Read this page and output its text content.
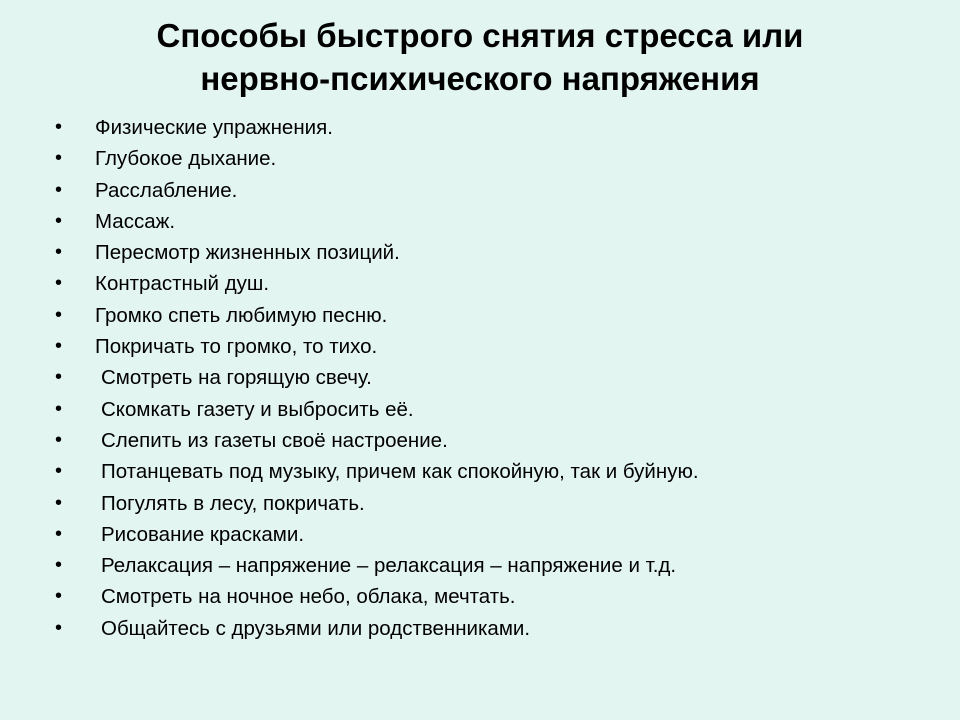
Способы быстрого снятия стресса или
нервно-психического напряжения
•	Физические упражнения.
•	Глубокое дыхание.
•	Расслабление.
•	Массаж.
•	Пересмотр жизненных позиций.
•	Контрастный душ.
•	Громко спеть любимую песню.
•	Покричать то громко, то тихо.
•	Смотреть на горящую свечу.
•	Скомкать газету и выбросить её.
•	Слепить из газеты своё настроение.
•	Потанцевать под музыку, причем как спокойную, так и буйную.
•	Погулять в лесу, покричать.
•	Рисование красками.
•	Релаксация – напряжение – релаксация – напряжение и т.д.
•	Смотреть на ночное небо, облака, мечтать.
•	Общайтесь с друзьями или родственниками.
